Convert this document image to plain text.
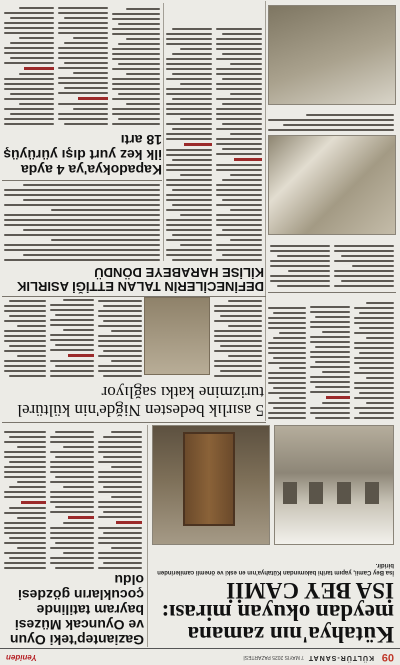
09
KÜLTÜR-SANAT
7 MAYIS 2025 PAZARTESİ
Yeniden
Kütahya'nın zamana meydan okuyan mirası: İSA BEY CAMİİ
İsa Bey Camii, yapım tarihi bakımından Kütahya'nın en eski ve önemli camilerinden biridir.
Gaziantep'teki Oyun ve Oyuncak Müzesi bayram tatilinde çocukların gözdesi oldu
5 asırlık bedesten Niğde'nin kültürel turizmine katkı sağlıyor
DEFİNECİLERİN TALAN ETTİĞİ ASIRLIK KİLİSE HARABEYE DÖNDÜ
Kapadokya'ya 4 ayda ilk kez yurt dışı yürüyüş 18 artı
